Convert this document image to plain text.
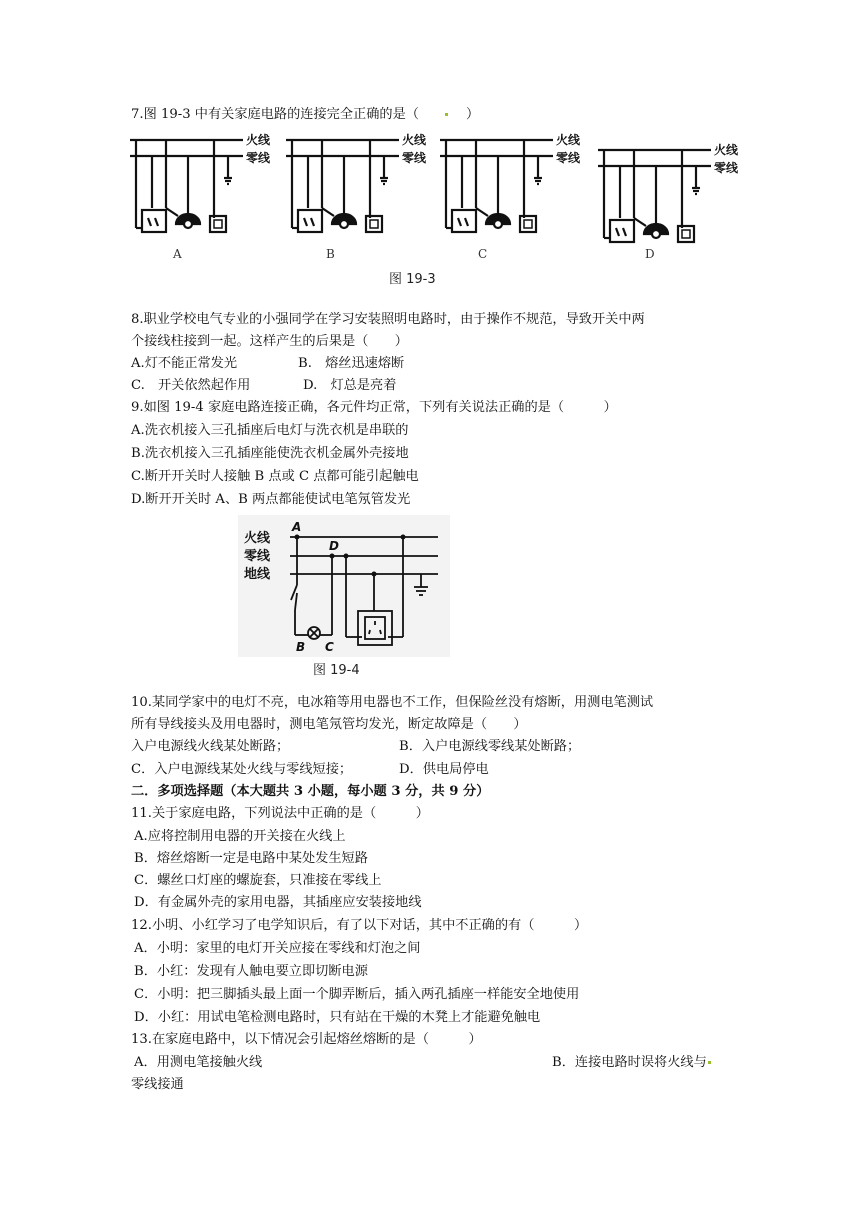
7.图 19-3 中有关家庭电路的连接完全正确的是（	）
火线
零线
火线
零线
火线
零线
火线
零线
A	B	C	D
图 19-3
8.职业学校电气专业的小强同学在学习安装照明电路时，由于操作不规范，导致开关中两
个接线柱接到一起。这样产生的后果是（　　）
A.灯不能正常发光	B.　熔丝迅速熔断
C.　开关依然起作用	D.　灯总是亮着
9.如图 19-4 家庭电路连接正确，各元件均正常，下列有关说法正确的是（　　　）
A.洗衣机接入三孔插座后电灯与洗衣机是串联的
B.洗衣机接入三孔插座能使洗衣机金属外壳接地
C.断开开关时人接触 B 点或 C 点都可能引起触电
D.断开开关时 A、B 两点都能使试电笔氖管发光
火线
零线
地线
A
D
B C
图 19-4
10.某同学家中的电灯不亮，电冰箱等用电器也不工作，但保险丝没有熔断，用测电笔测试
所有导线接头及用电器时，测电笔氖管均发光，断定故障是（　　）
入户电源线火线某处断路；	B．入户电源线零线某处断路；
C．入户电源线某处火线与零线短接；	D．供电局停电
二．多项选择题（本大题共 3 小题，每小题 3 分，共 9 分）
11.关于家庭电路，下列说法中正确的是（　　　）
A.应将控制用电器的开关接在火线上
B．熔丝熔断一定是电路中某处发生短路
C．螺丝口灯座的螺旋套，只准接在零线上
D．有金属外壳的家用电器，其插座应安装接地线
12.小明、小红学习了电学知识后，有了以下对话，其中不正确的有（　　　）
A．小明：家里的电灯开关应接在零线和灯泡之间
B．小红：发现有人触电要立即切断电源
C．小明：把三脚插头最上面一个脚弄断后，插入两孔插座一样能安全地使用
D．小红：用试电笔检测电路时，只有站在干燥的木凳上才能避免触电
13.在家庭电路中，以下情况会引起熔丝熔断的是（　　　）
A．用测电笔接触火线	B．连接电路时误将火线与
零线接通
